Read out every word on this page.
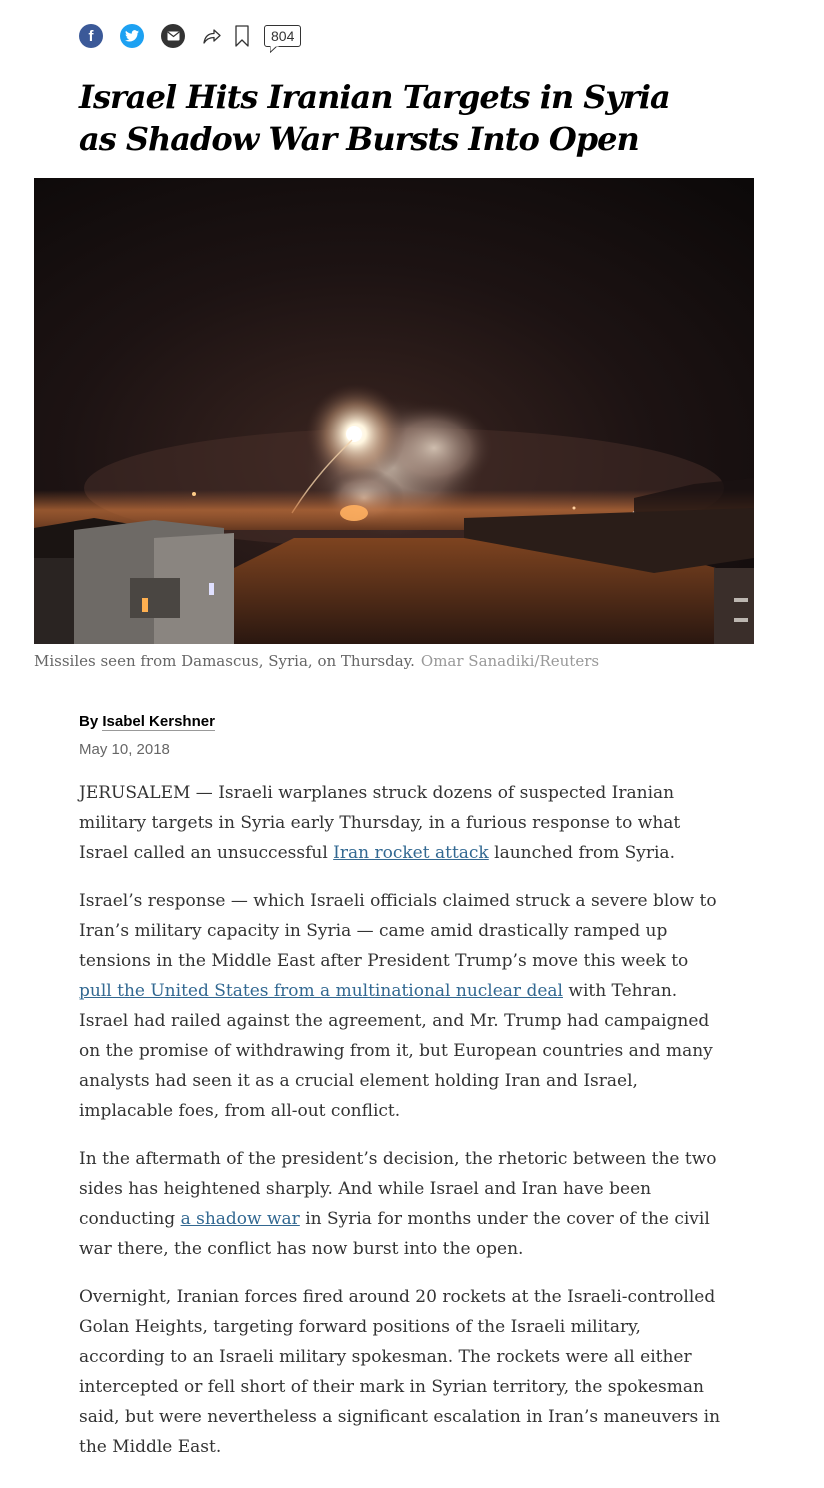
f	804
Israel Hits Iranian Targets in Syria
as Shadow War Bursts Into Open
Missiles seen from Damascus, Syria, on Thursday. Omar Sanadiki/Reuters
By Isabel Kershner
May 10, 2018

JERUSALEM — Israeli warplanes struck dozens of suspected Iranian military targets in Syria early Thursday, in a furious response to what Israel called an unsuccessful Iran rocket attack launched from Syria.

Israel’s response — which Israeli officials claimed struck a severe blow to Iran’s military capacity in Syria — came amid drastically ramped up tensions in the Middle East after President Trump’s move this week to pull the United States from a multinational nuclear deal with Tehran. Israel had railed against the agreement, and Mr. Trump had campaigned on the promise of withdrawing from it, but European countries and many analysts had seen it as a crucial element holding Iran and Israel, implacable foes, from all-out conflict.

In the aftermath of the president’s decision, the rhetoric between the two sides has heightened sharply. And while Israel and Iran have been conducting a shadow war in Syria for months under the cover of the civil war there, the conflict has now burst into the open.

Overnight, Iranian forces fired around 20 rockets at the Israeli-controlled Golan Heights, targeting forward positions of the Israeli military, according to an Israeli military spokesman. The rockets were all either intercepted or fell short of their mark in Syrian territory, the spokesman said, but were nevertheless a significant escalation in Iran’s maneuvers in the Middle East.
